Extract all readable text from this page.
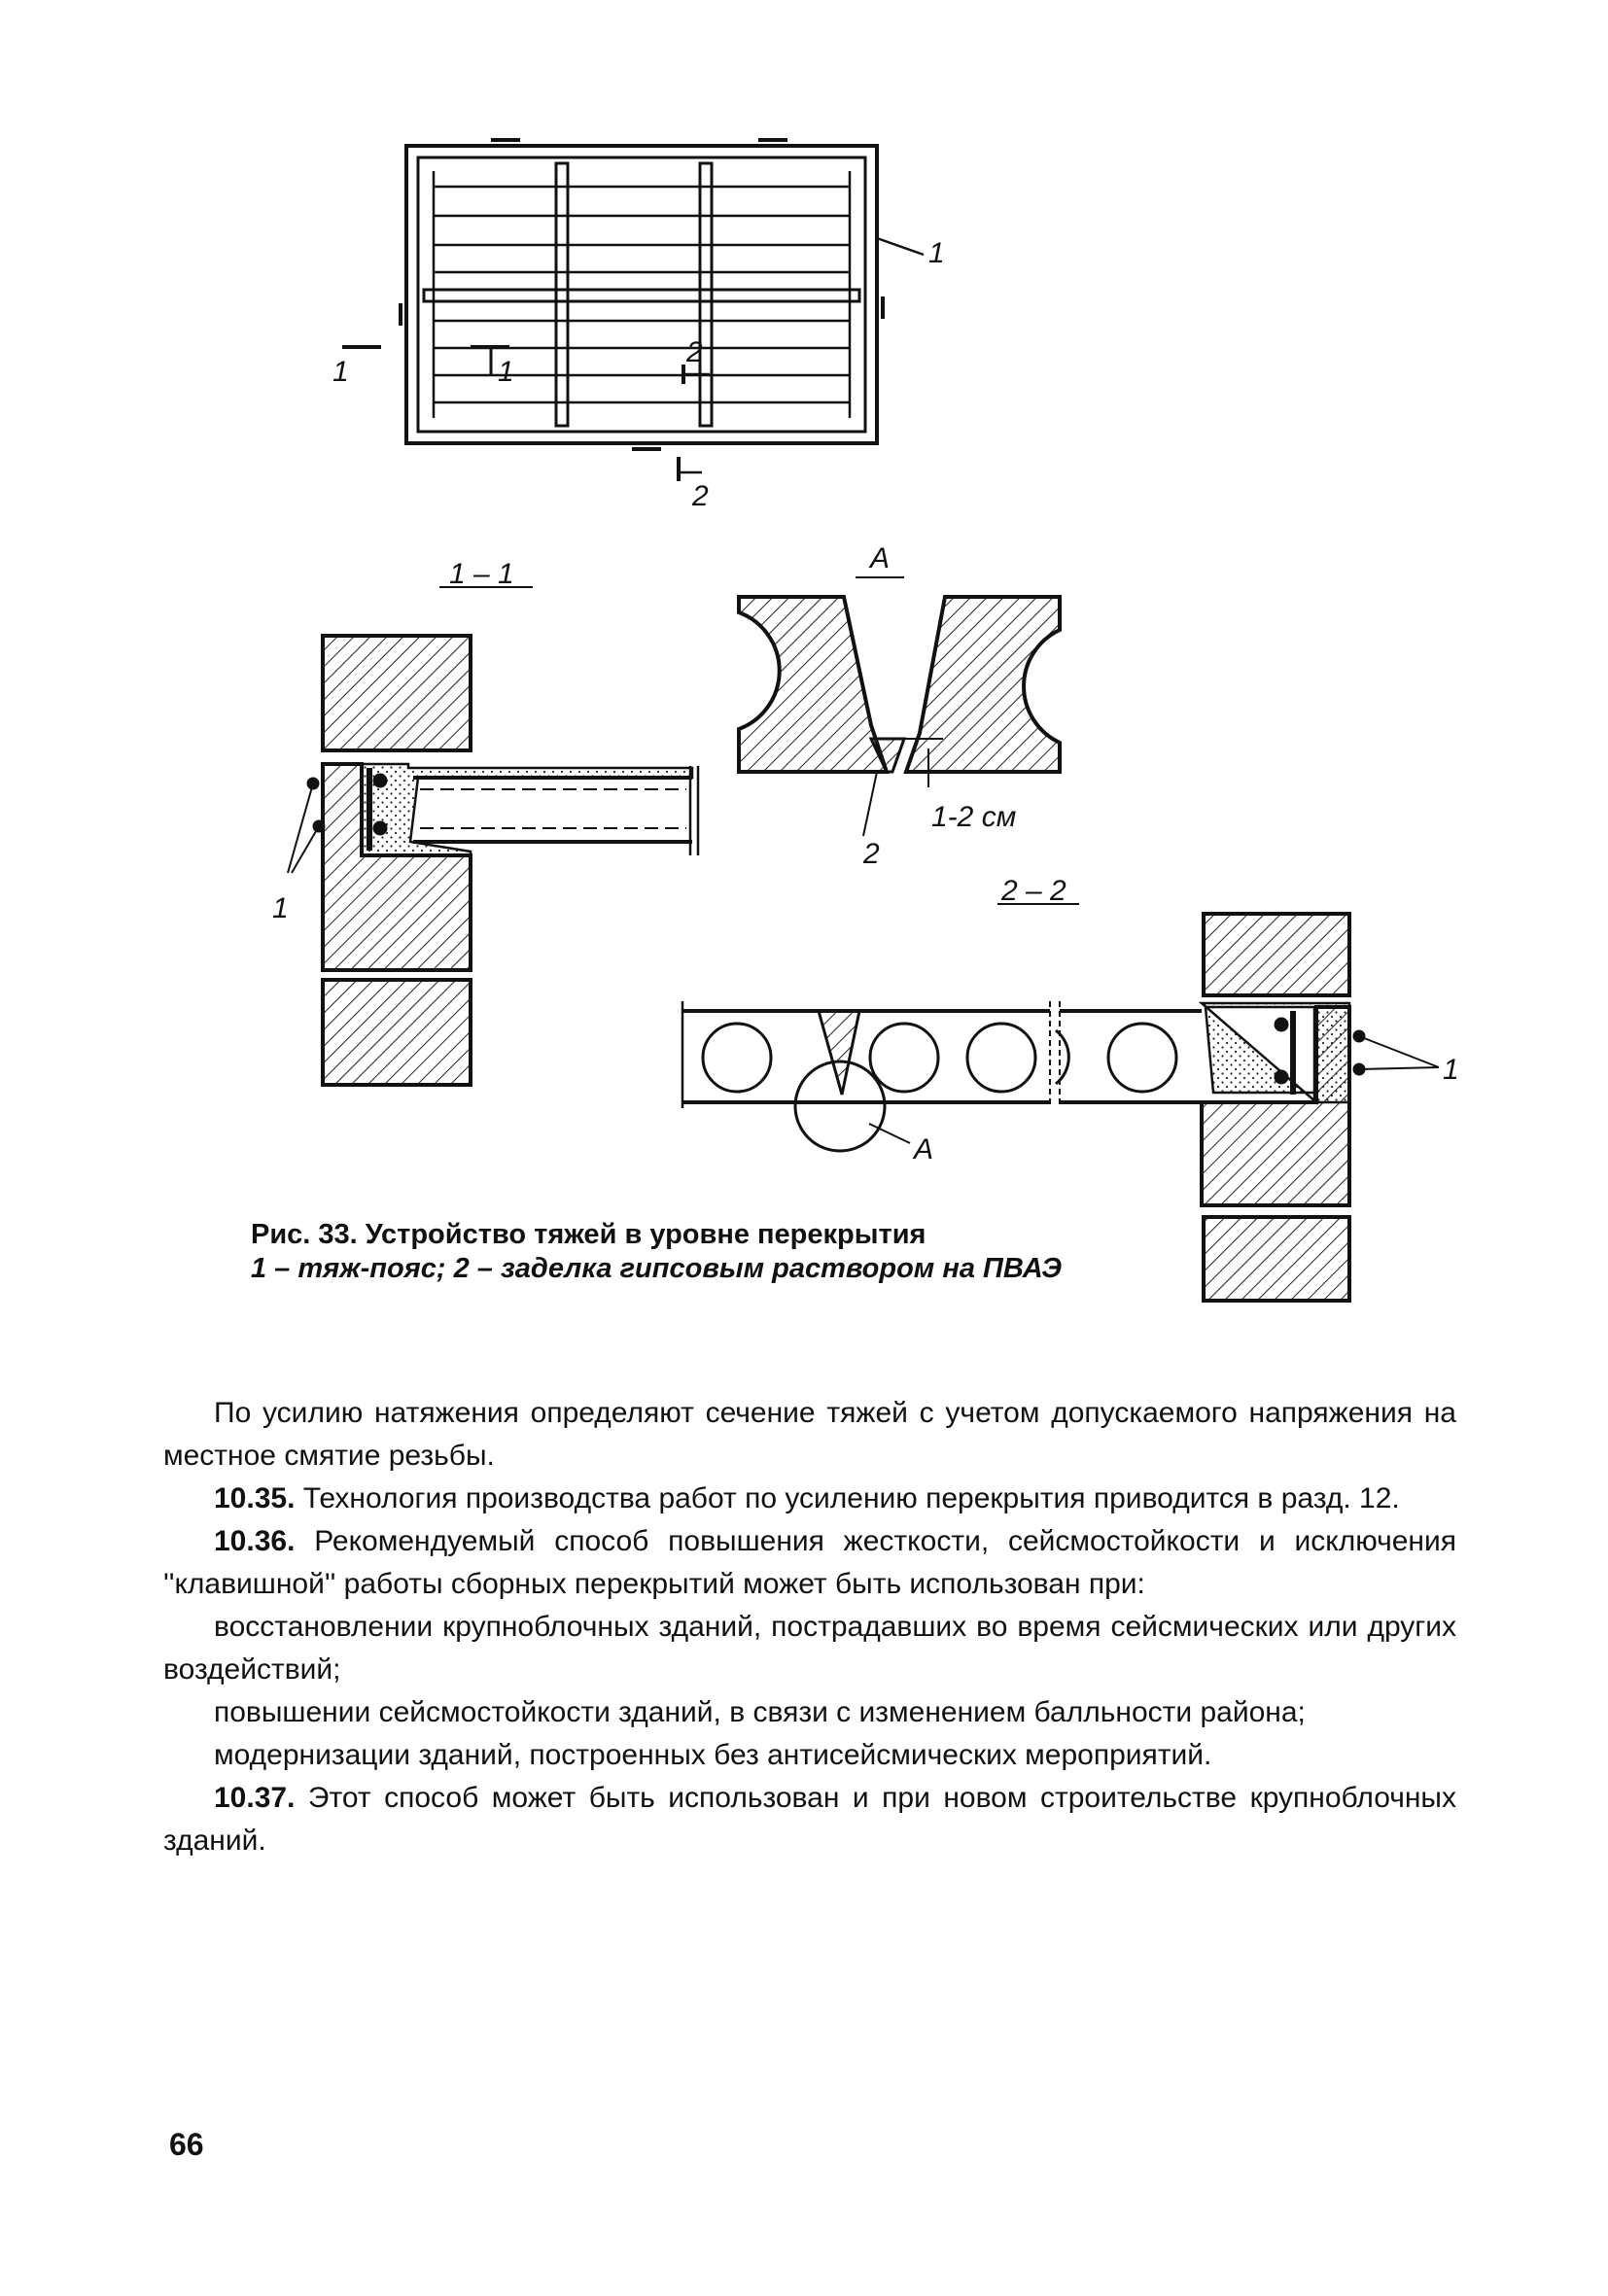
1
1	1
2
2
1 – 1
1
A
1-2 см
2
2 – 2
1
A
Рис. 33. Устройство тяжей в уровне перекрытия
1 – тяж-пояс; 2 – заделка гипсовым раствором на ПВАЭ

По усилию натяжения определяют сечение тяжей с учетом допускаемого напряжения на местное смятие резьбы.

10.35. Технология производства работ по усилению перекрытия приводится в разд. 12.

10.36. Рекомендуемый способ повышения жесткости, сейсмостойкости и исключения ''клавишной'' работы сборных перекрытий может быть использован при:

восстановлении крупноблочных зданий, пострадавших во время сейсмических или других воздействий;

повышении сейсмостойкости зданий, в связи с изменением балльности района;

модернизации зданий, построенных без антисейсмических мероприятий.

10.37. Этот способ может быть использован и при новом строительстве крупноблочных зданий.

66
